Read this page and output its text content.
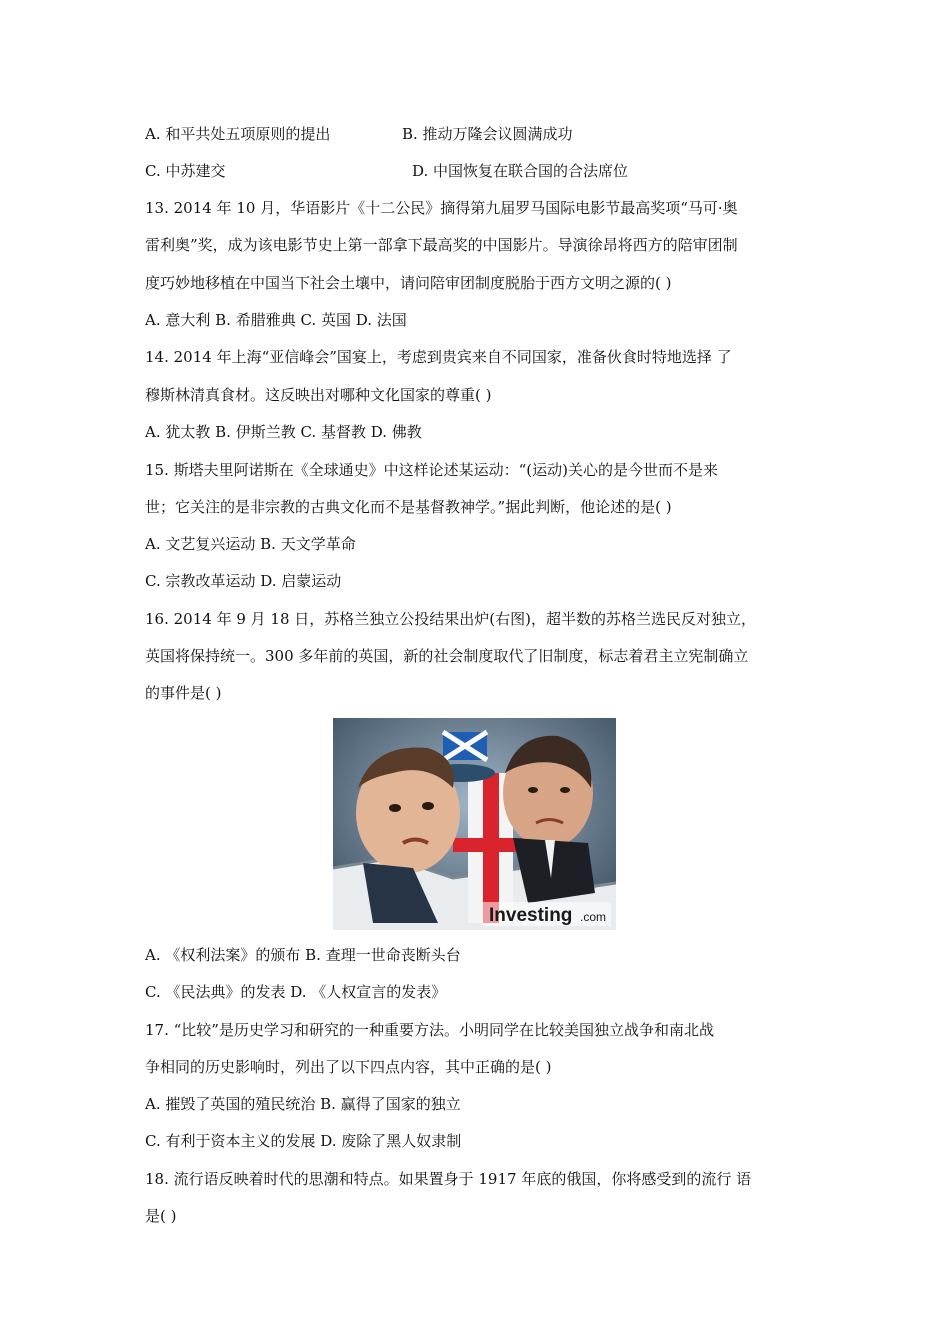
A. 和平共处五项原则的提出	B. 推动万隆会议圆满成功
C. 中苏建交	D. 中国恢复在联合国的合法席位
13. 2014 年 10 月，华语影片《十二公民》摘得第九届罗马国际电影节最高奖项“马可·奥
雷利奥”奖，成为该电影节史上第一部拿下最高奖的中国影片。导演徐昂将西方的陪审团制
度巧妙地移植在中国当下社会土壤中，请问陪审团制度脱胎于西方文明之源的( )
A. 意大利 B. 希腊雅典 C. 英国 D. 法国
14. 2014 年上海“亚信峰会”国宴上，考虑到贵宾来自不同国家，准备伙食时特地选择 了
穆斯林清真食材。这反映出对哪种文化国家的尊重( )
A. 犹太教 B. 伊斯兰教 C. 基督教 D. 佛教
15. 斯塔夫里阿诺斯在《全球通史》中这样论述某运动：“(运动)关心的是今世而不是来
世；它关注的是非宗教的古典文化而不是基督教神学。”据此判断，他论述的是( )
A. 文艺复兴运动 B. 天文学革命
C. 宗教改革运动 D. 启蒙运动
16. 2014 年 9 月 18 日，苏格兰独立公投结果出炉(右图)，超半数的苏格兰选民反对独立，
英国将保持统一。300 多年前的英国，新的社会制度取代了旧制度，标志着君主立宪制确立
的事件是( )
Investing .com
A. 《权利法案》的颁布 B. 查理一世命丧断头台
C. 《民法典》的发表 D. 《人权宣言的发表》
17. “比较”是历史学习和研究的一种重要方法。小明同学在比较美国独立战争和南北战
争相同的历史影响时，列出了以下四点内容，其中正确的是( )
A. 摧毁了英国的殖民统治 B. 赢得了国家的独立
C. 有利于资本主义的发展 D. 废除了黑人奴隶制
18. 流行语反映着时代的思潮和特点。如果置身于 1917 年底的俄国，你将感受到的流行 语
是( )
